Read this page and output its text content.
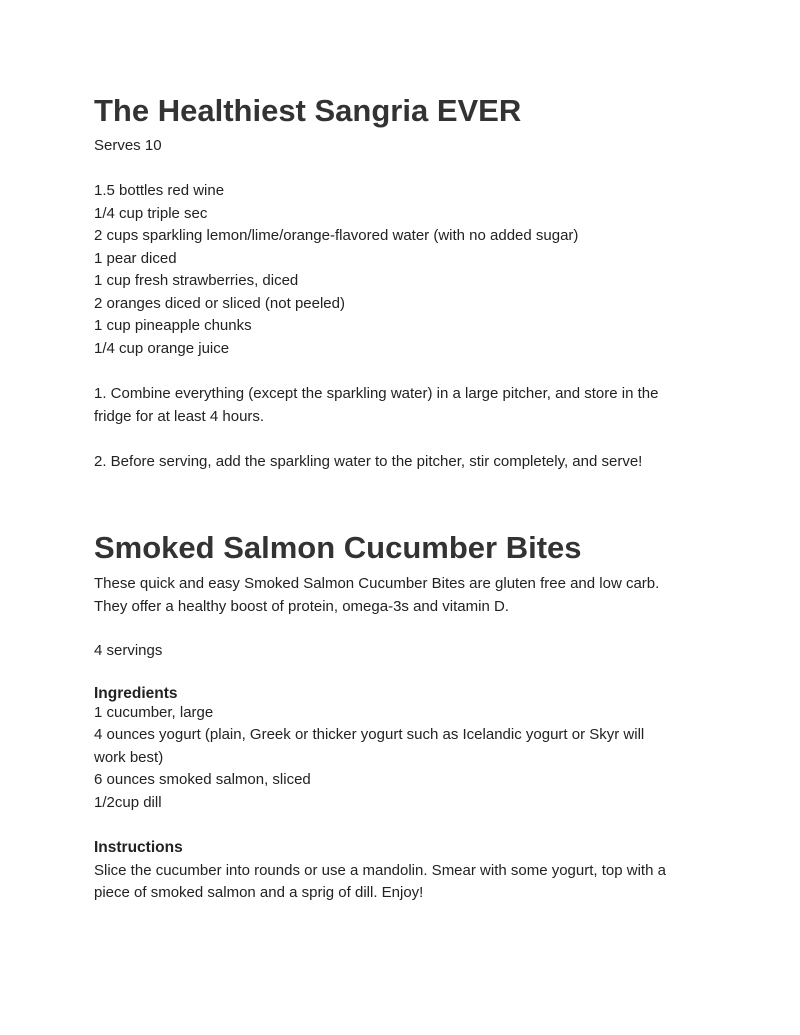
The Healthiest Sangria EVER
Serves 10
1.5 bottles red wine
1/4 cup triple sec
2 cups sparkling lemon/lime/orange-flavored water (with no added sugar)
1 pear diced
1 cup fresh strawberries, diced
2 oranges diced or sliced (not peeled)
1 cup pineapple chunks
1/4 cup orange juice
1. Combine everything (except the sparkling water) in a large pitcher, and store in the
fridge for at least 4 hours.
2. Before serving, add the sparkling water to the pitcher, stir completely, and serve!
Smoked Salmon Cucumber Bites
These quick and easy Smoked Salmon Cucumber Bites are gluten free and low carb.
They offer a healthy boost of protein, omega-3s and vitamin D.
4 servings
Ingredients
1 cucumber, large
4 ounces yogurt (plain, Greek or thicker yogurt such as Icelandic yogurt or Skyr will
work best)
6 ounces smoked salmon, sliced
1/2cup dill
Instructions
Slice the cucumber into rounds or use a mandolin. Smear with some yogurt, top with a
piece of smoked salmon and a sprig of dill. Enjoy!
